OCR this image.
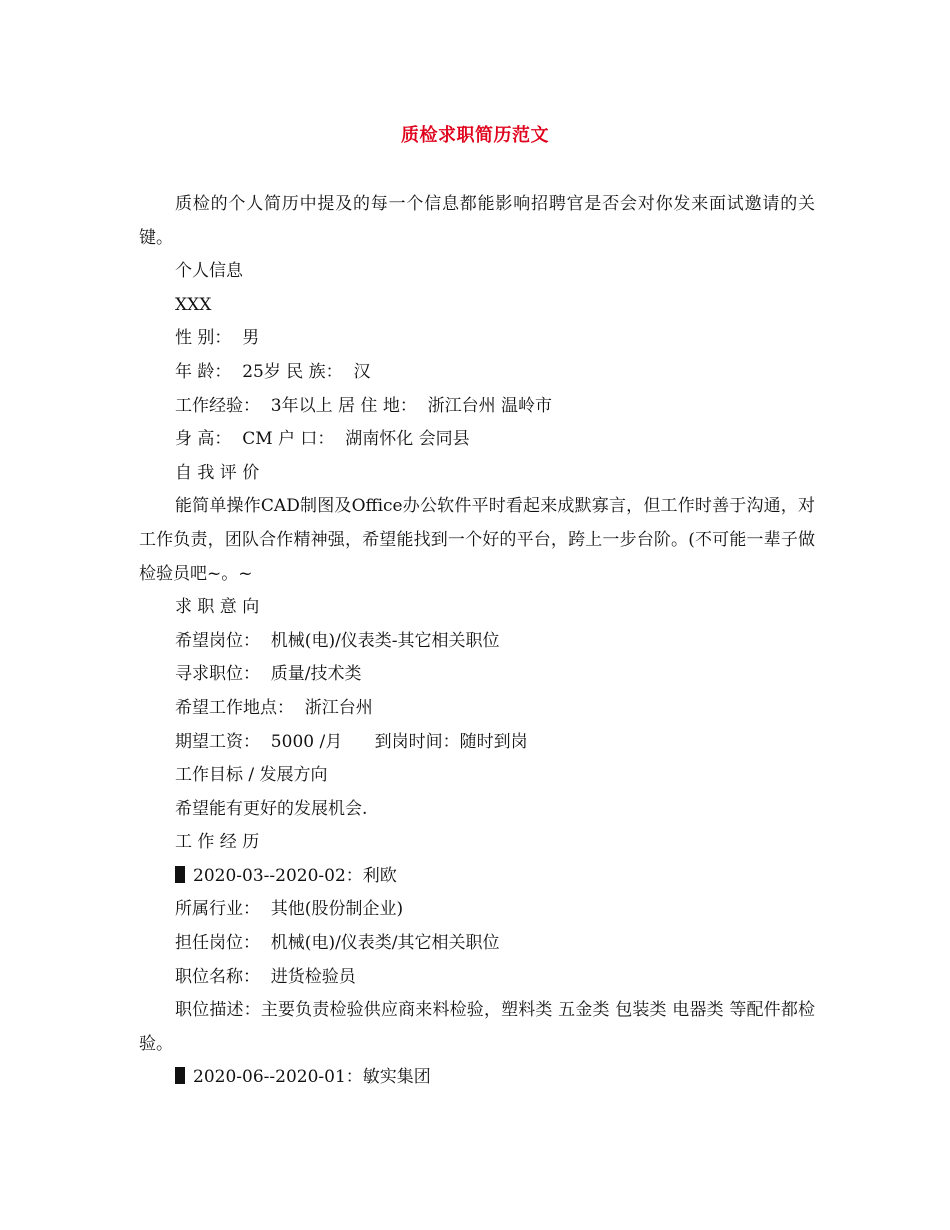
质检求职简历范文

质检的个人简历中提及的每一个信息都能影响招聘官是否会对你发来面试邀请的关键。

个人信息

XXX

性 别：  男

年 龄：  25岁 民 族：  汉

工作经验：  3年以上 居 住 地：  浙江台州 温岭市

身 高：  CM 户 口：  湖南怀化 会同县

自 我 评 价

能简单操作CAD制图及Office办公软件平时看起来成默寡言，但工作时善于沟通，对工作负责，团队合作精神强，希望能找到一个好的平台，跨上一步台阶。(不可能一辈子做检验员吧~。~

求 职 意 向

希望岗位：  机械(电)/仪表类-其它相关职位

寻求职位：  质量/技术类

希望工作地点：  浙江台州

期望工资：  5000 /月      到岗时间：随时到岗

工作目标 / 发展方向

希望能有更好的发展机会.

工 作 经 历

2020-03--2020-02：利欧

所属行业：  其他(股份制企业)

担任岗位：  机械(电)/仪表类/其它相关职位

职位名称：  进货检验员

职位描述：主要负责检验供应商来料检验，塑料类 五金类 包装类 电器类 等配件都检验。

2020-06--2020-01：敏实集团
